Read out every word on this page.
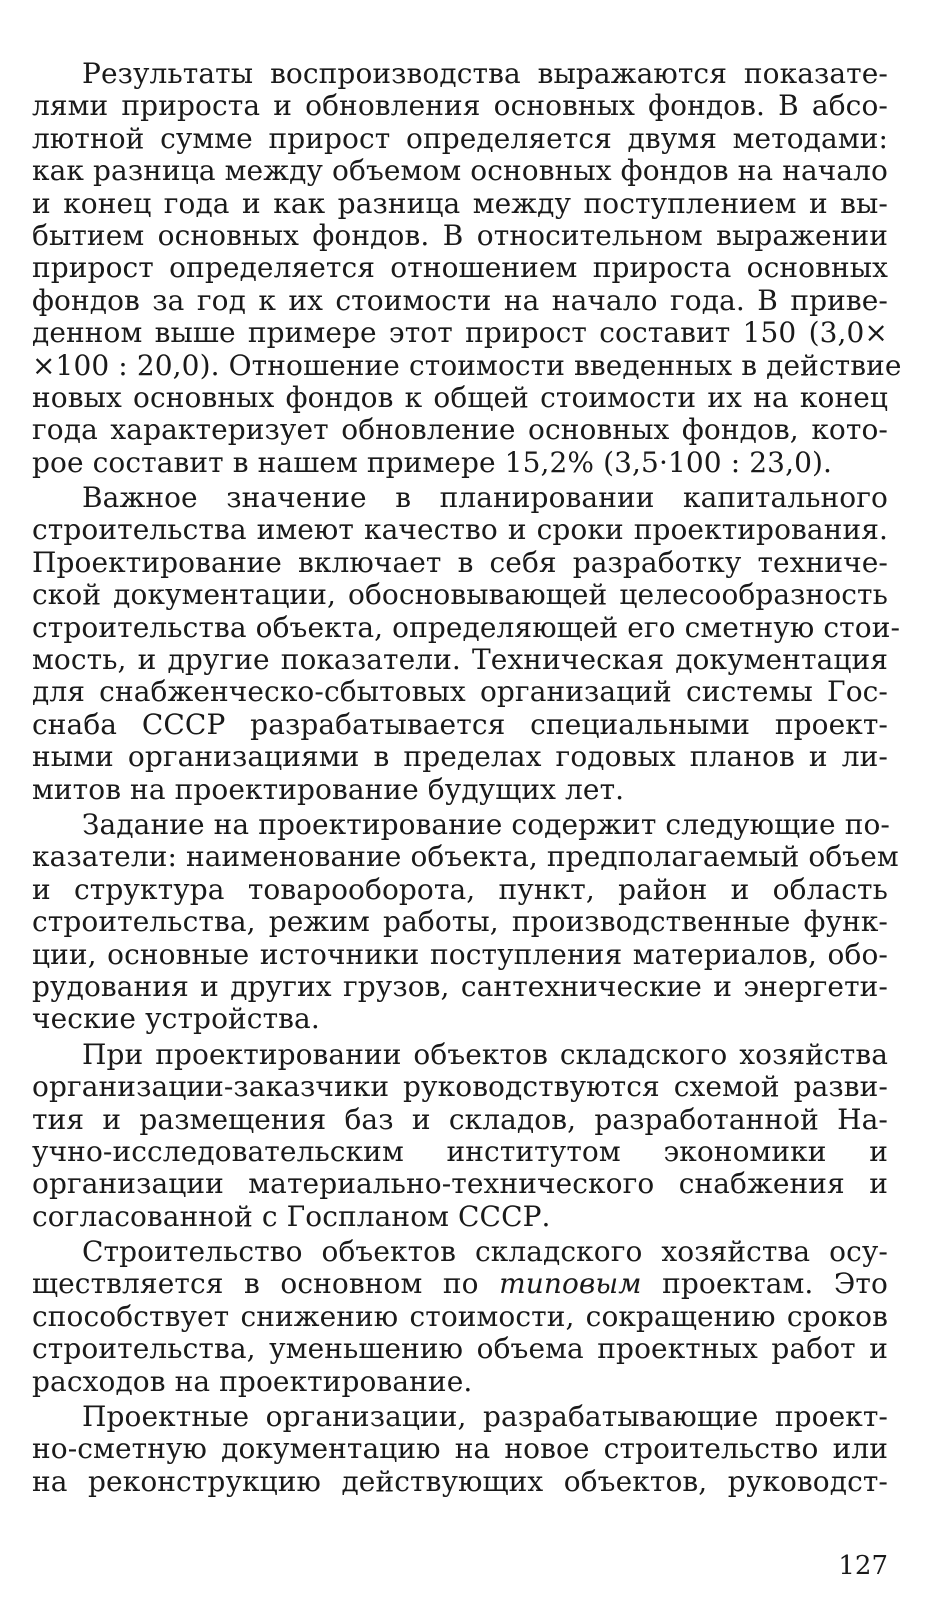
Результаты воспроизводства выражаются показате-
лями прироста и обновления основных фондов. В абсо-
лютной сумме прирост определяется двумя методами:
как разница между объемом основных фондов на начало
и конец года и как разница между поступлением и вы-
бытием основных фондов. В относительном выражении
прирост определяется отношением прироста основных
фондов за год к их стоимости на начало года. В приве-
денном выше примере этот прирост составит 150 (3,0×
×100 : 20,0). Отношение стоимости введенных в действие
новых основных фондов к общей стоимости их на конец
года характеризует обновление основных фондов, кото-
рое составит в нашем примере 15,2% (3,5·100 : 23,0).
Важное значение в планировании капитального
строительства имеют качество и сроки проектирования.
Проектирование включает в себя разработку техниче-
ской документации, обосновывающей целесообразность
строительства объекта, определяющей его сметную стои-
мость, и другие показатели. Техническая документация
для снабженческо-сбытовых организаций системы Гос-
снаба СССР разрабатывается специальными проект-
ными организациями в пределах годовых планов и ли-
митов на проектирование будущих лет.
Задание на проектирование содержит следующие по-
казатели: наименование объекта, предполагаемый объем
и структура товарооборота, пункт, район и область
строительства, режим работы, производственные функ-
ции, основные источники поступления материалов, обо-
рудования и других грузов, сантехнические и энергети-
ческие устройства.
При проектировании объектов складского хозяйства
организации-заказчики руководствуются схемой разви-
тия и размещения баз и складов, разработанной На-
учно-исследовательским институтом экономики и
организации материально-технического снабжения и
согласованной с Госпланом СССР.
Строительство объектов складского хозяйства осу-
ществляется в основном по типовым проектам. Это
способствует снижению стоимости, сокращению сроков
строительства, уменьшению объема проектных работ и
расходов на проектирование.
Проектные организации, разрабатывающие проект-
но-сметную документацию на новое строительство или
на реконструкцию действующих объектов, руководст-
127
